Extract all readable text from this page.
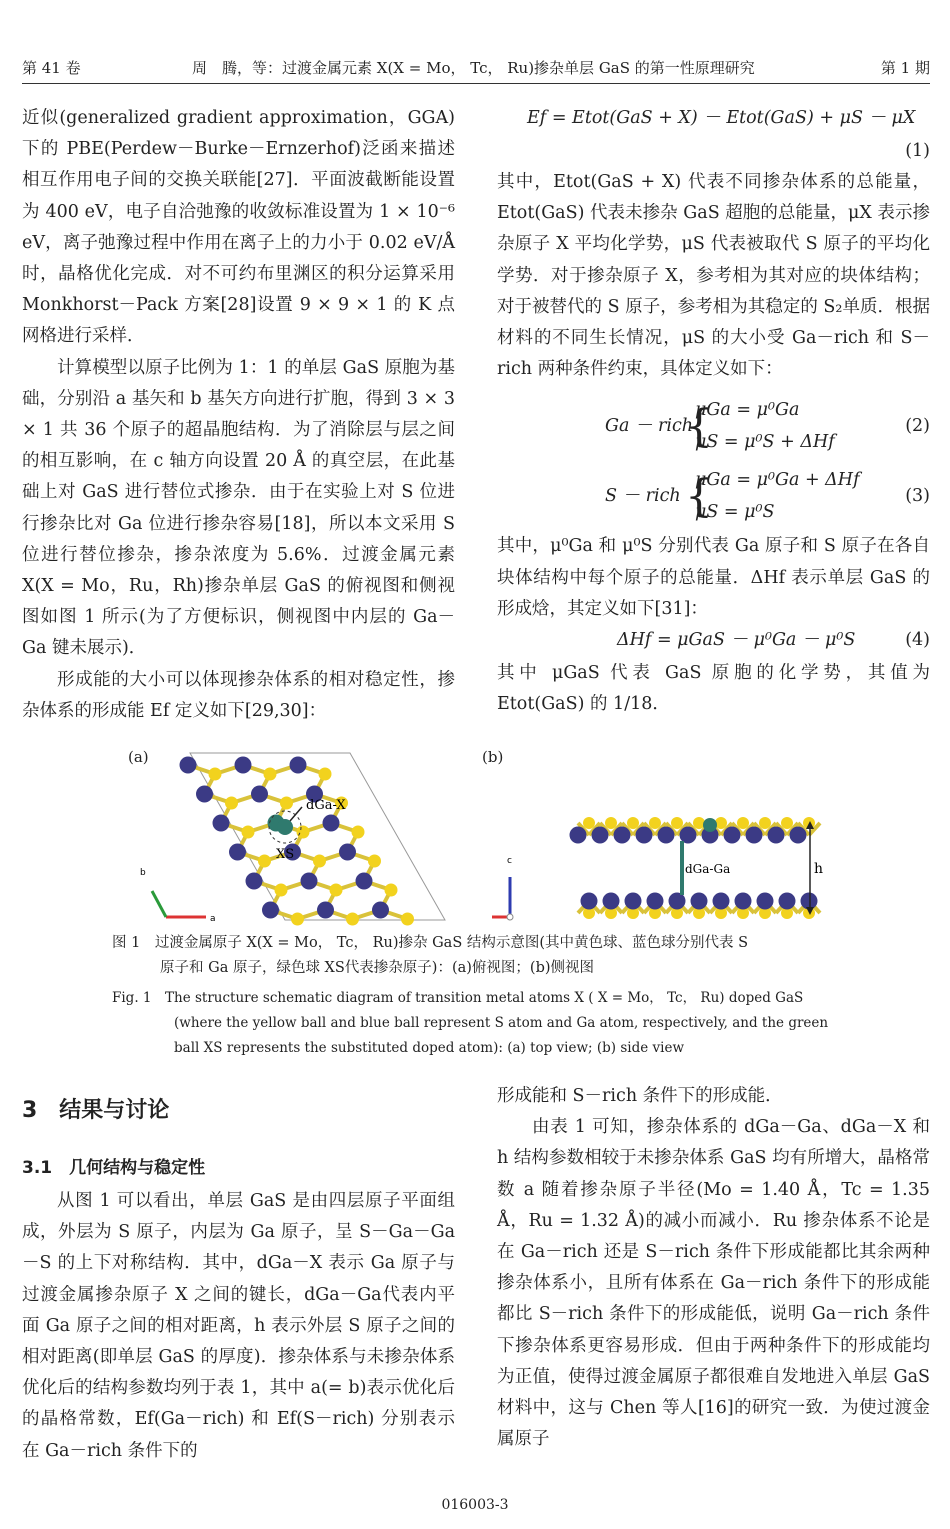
第 41 卷	周　腾，等：过渡金属元素 X(X = Mo， Tc， Ru)掺杂单层 GaS 的第一性原理研究	第 1 期

近似(generalized gradient approximation，GGA)下的 PBE(Perdew－Burke－Ernzerhof)泛函来描述相互作用电子间的交换关联能[27]．平面波截断能设置为 400 eV，电子自洽弛豫的收敛标准设置为 1 × 10⁻⁶ eV，离子弛豫过程中作用在离子上的力小于 0.02 eV/Å 时，晶格优化完成．对不可约布里渊区的积分运算采用 Monkhorst－Pack 方案[28]设置 9 × 9 × 1 的 K 点网格进行采样．

计算模型以原子比例为 1：1 的单层 GaS 原胞为基础，分别沿 a 基矢和 b 基矢方向进行扩胞，得到 3 × 3 × 1 共 36 个原子的超晶胞结构．为了消除层与层之间的相互影响，在 c 轴方向设置 20 Å 的真空层，在此基础上对 GaS 进行替位式掺杂．由于在实验上对 S 位进行掺杂比对 Ga 位进行掺杂容易[18]，所以本文采用 S 位进行替位掺杂，掺杂浓度为 5.6%．过渡金属元素 X(X = Mo，Ru，Rh)掺杂单层 GaS 的俯视图和侧视图如图 1 所示(为了方便标识，侧视图中内层的 Ga－Ga 键未展示)．

形成能的大小可以体现掺杂体系的相对稳定性，掺杂体系的形成能 Ef 定义如下[29,30]：

Ef = Etot(GaS + X) － Etot(GaS) + μS － μX
(1)

其中，Etot(GaS + X) 代表不同掺杂体系的总能量，Etot(GaS) 代表未掺杂 GaS 超胞的总能量，μX 表示掺杂原子 X 平均化学势，μS 代表被取代 S 原子的平均化学势．对于掺杂原子 X，参考相为其对应的块体结构；对于被替代的 S 原子，参考相为其稳定的 S₂单质．根据材料的不同生长情况，μS 的大小受 Ga－rich 和 S－rich 两种条件约束，具体定义如下：

Ga － rich
{
μGa = μ⁰Ga
μS = μ⁰S + ΔHf
(2)
S － rich {
μGa = μ⁰Ga + ΔHf
μS = μ⁰S
(3)

其中，μ⁰Ga 和 μ⁰S 分别代表 Ga 原子和 S 原子在各自块体结构中每个原子的总能量．ΔHf 表示单层 GaS 的形成焓，其定义如下[31]：

ΔHf = μGaS － μ⁰Ga － μ⁰S	(4)

其中 μGaS 代表 GaS 原胞的化学势，其值为 Etot(GaS) 的 1/18．

(a)	(b)
dGa-X
XS
a
b
c
dGa-Ga	h
图 1　过渡金属原子 X(X = Mo， Tc， Ru)掺杂 GaS 结构示意图(其中黄色球、蓝色球分别代表 S
原子和 Ga 原子，绿色球 XS代表掺杂原子)：(a)俯视图；(b)侧视图
Fig. 1　The structure schematic diagram of transition metal atoms X ( X = Mo， Tc， Ru) doped GaS
(where the yellow ball and blue ball represent S atom and Ga atom, respectively, and the green
ball XS represents the substituted doped atom): (a) top view; (b) side view
3　结果与讨论
3.1　几何结构与稳定性

从图 1 可以看出，单层 GaS 是由四层原子平面组成，外层为 S 原子，内层为 Ga 原子，呈 S－Ga－Ga－S 的上下对称结构．其中，dGa－X 表示 Ga 原子与过渡金属掺杂原子 X 之间的键长，dGa－Ga代表内平面 Ga 原子之间的相对距离，h 表示外层 S 原子之间的相对距离(即单层 GaS 的厚度)．掺杂体系与未掺杂体系优化后的结构参数均列于表 1，其中 a(= b)表示优化后的晶格常数，Ef(Ga－rich) 和 Ef(S－rich) 分别表示在 Ga－rich 条件下的

形成能和 S－rich 条件下的形成能．

由表 1 可知，掺杂体系的 dGa－Ga、dGa－X 和 h 结构参数相较于未掺杂体系 GaS 均有所增大，晶格常数 a 随着掺杂原子半径(Mo = 1.40 Å，Tc = 1.35 Å，Ru = 1.32 Å)的减小而减小．Ru 掺杂体系不论是在 Ga－rich 还是 S－rich 条件下形成能都比其余两种掺杂体系小，且所有体系在 Ga－rich 条件下的形成能都比 S－rich 条件下的形成能低，说明 Ga－rich 条件下掺杂体系更容易形成．但由于两种条件下的形成能均为正值，使得过渡金属原子都很难自发地进入单层 GaS 材料中，这与 Chen 等人[16]的研究一致．为使过渡金属原子

016003-3
